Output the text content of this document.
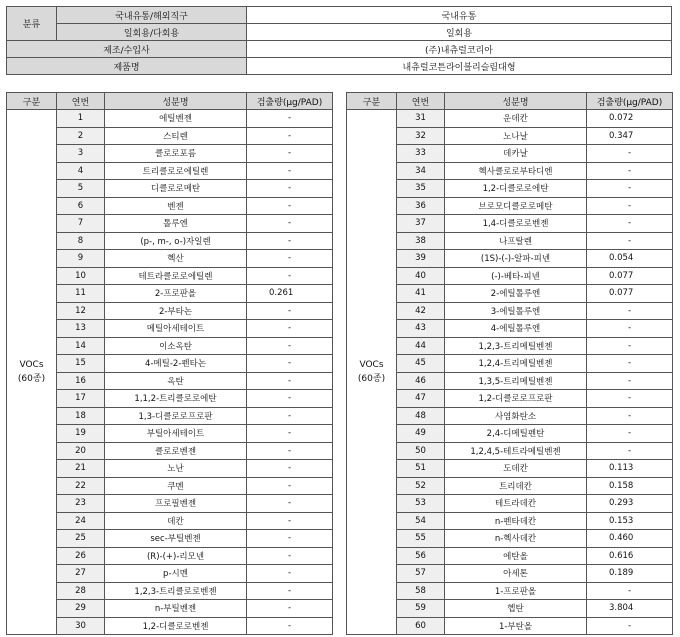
분류	국내유통/해외직구	국내유통
	일회용/다회용	일회용
제조/수입사		(주)내츄럴코리아
제품명		내츄럴코튼라이블리슬림대형
구분	연번	성분명	검출량(μg/PAD)

VOCs
(60종)	1	에틸벤젠	-
	2	스티렌	-
	3	클로로포름	-
	4	트리클로로에틸렌	-
	5	디클로로메탄	-
	6	벤젠	-
	7	톨루엔	-
	8	(p-, m-, o-)자일렌	-
	9	헥산	-
	10	테트라클로로에틸렌	-
	11	2-프로판올	0.261
	12	2-부타논	-
	13	메틸아세테이트	-
	14	이소옥탄	-
	15	4-메틸-2-펜타논	-
	16	옥탄	-
	17	1,1,2-트리클로로에탄	-
	18	1,3-디클로로프로판	-
	19	부틸아세테이트	-
	20	클로로벤젠	-
	21	노난	-
	22	쿠멘	-
	23	프로필벤젠	-
	24	데칸	-
	25	sec-부틸벤젠	-
	26	(R)-(+)-리모넨	-
	27	p-시멘	-
	28	1,2,3-트리클로로벤젠	-
	29	n-부틸벤젠	-
	30	1,2-디클로로벤젠	-
구분	연번	성분명	검출량(μg/PAD)

VOCs
(60종)	31	운데칸	0.072
	32	노나날	0.347
	33	데카날	-
	34	헥사클로로부타디엔	-
	35	1,2-디클로로에탄	-
	36	브로모디클로로메탄	-
	37	1,4-디클로로벤젠	-
	38	나프탈렌	-
	39	(1S)-(-)-알파-피넨	0.054
	40	(-)-베타-피넨	0.077
	41	2-에틸톨루엔	0.077
	42	3-에틸톨루엔	-
	43	4-에틸톨루엔	-
	44	1,2,3-트리메틸벤젠	-
	45	1,2,4-트리메틸벤젠	-
	46	1,3,5-트리메틸벤젠	-
	47	1,2-디클로로프로판	-
	48	사염화탄소	-
	49	2,4-디메틸펜탄	-
	50	1,2,4,5-테트라메틸벤젠	-
	51	도데칸	0.113
	52	트리데칸	0.158
	53	테트라데칸	0.293
	54	n-펜타데칸	0.153
	55	n-헥사데칸	0.460
	56	에탄올	0.616
	57	아세톤	0.189
	58	1-프로판올	-
	59	헵탄	3.804
	60	1-부탄올	-
